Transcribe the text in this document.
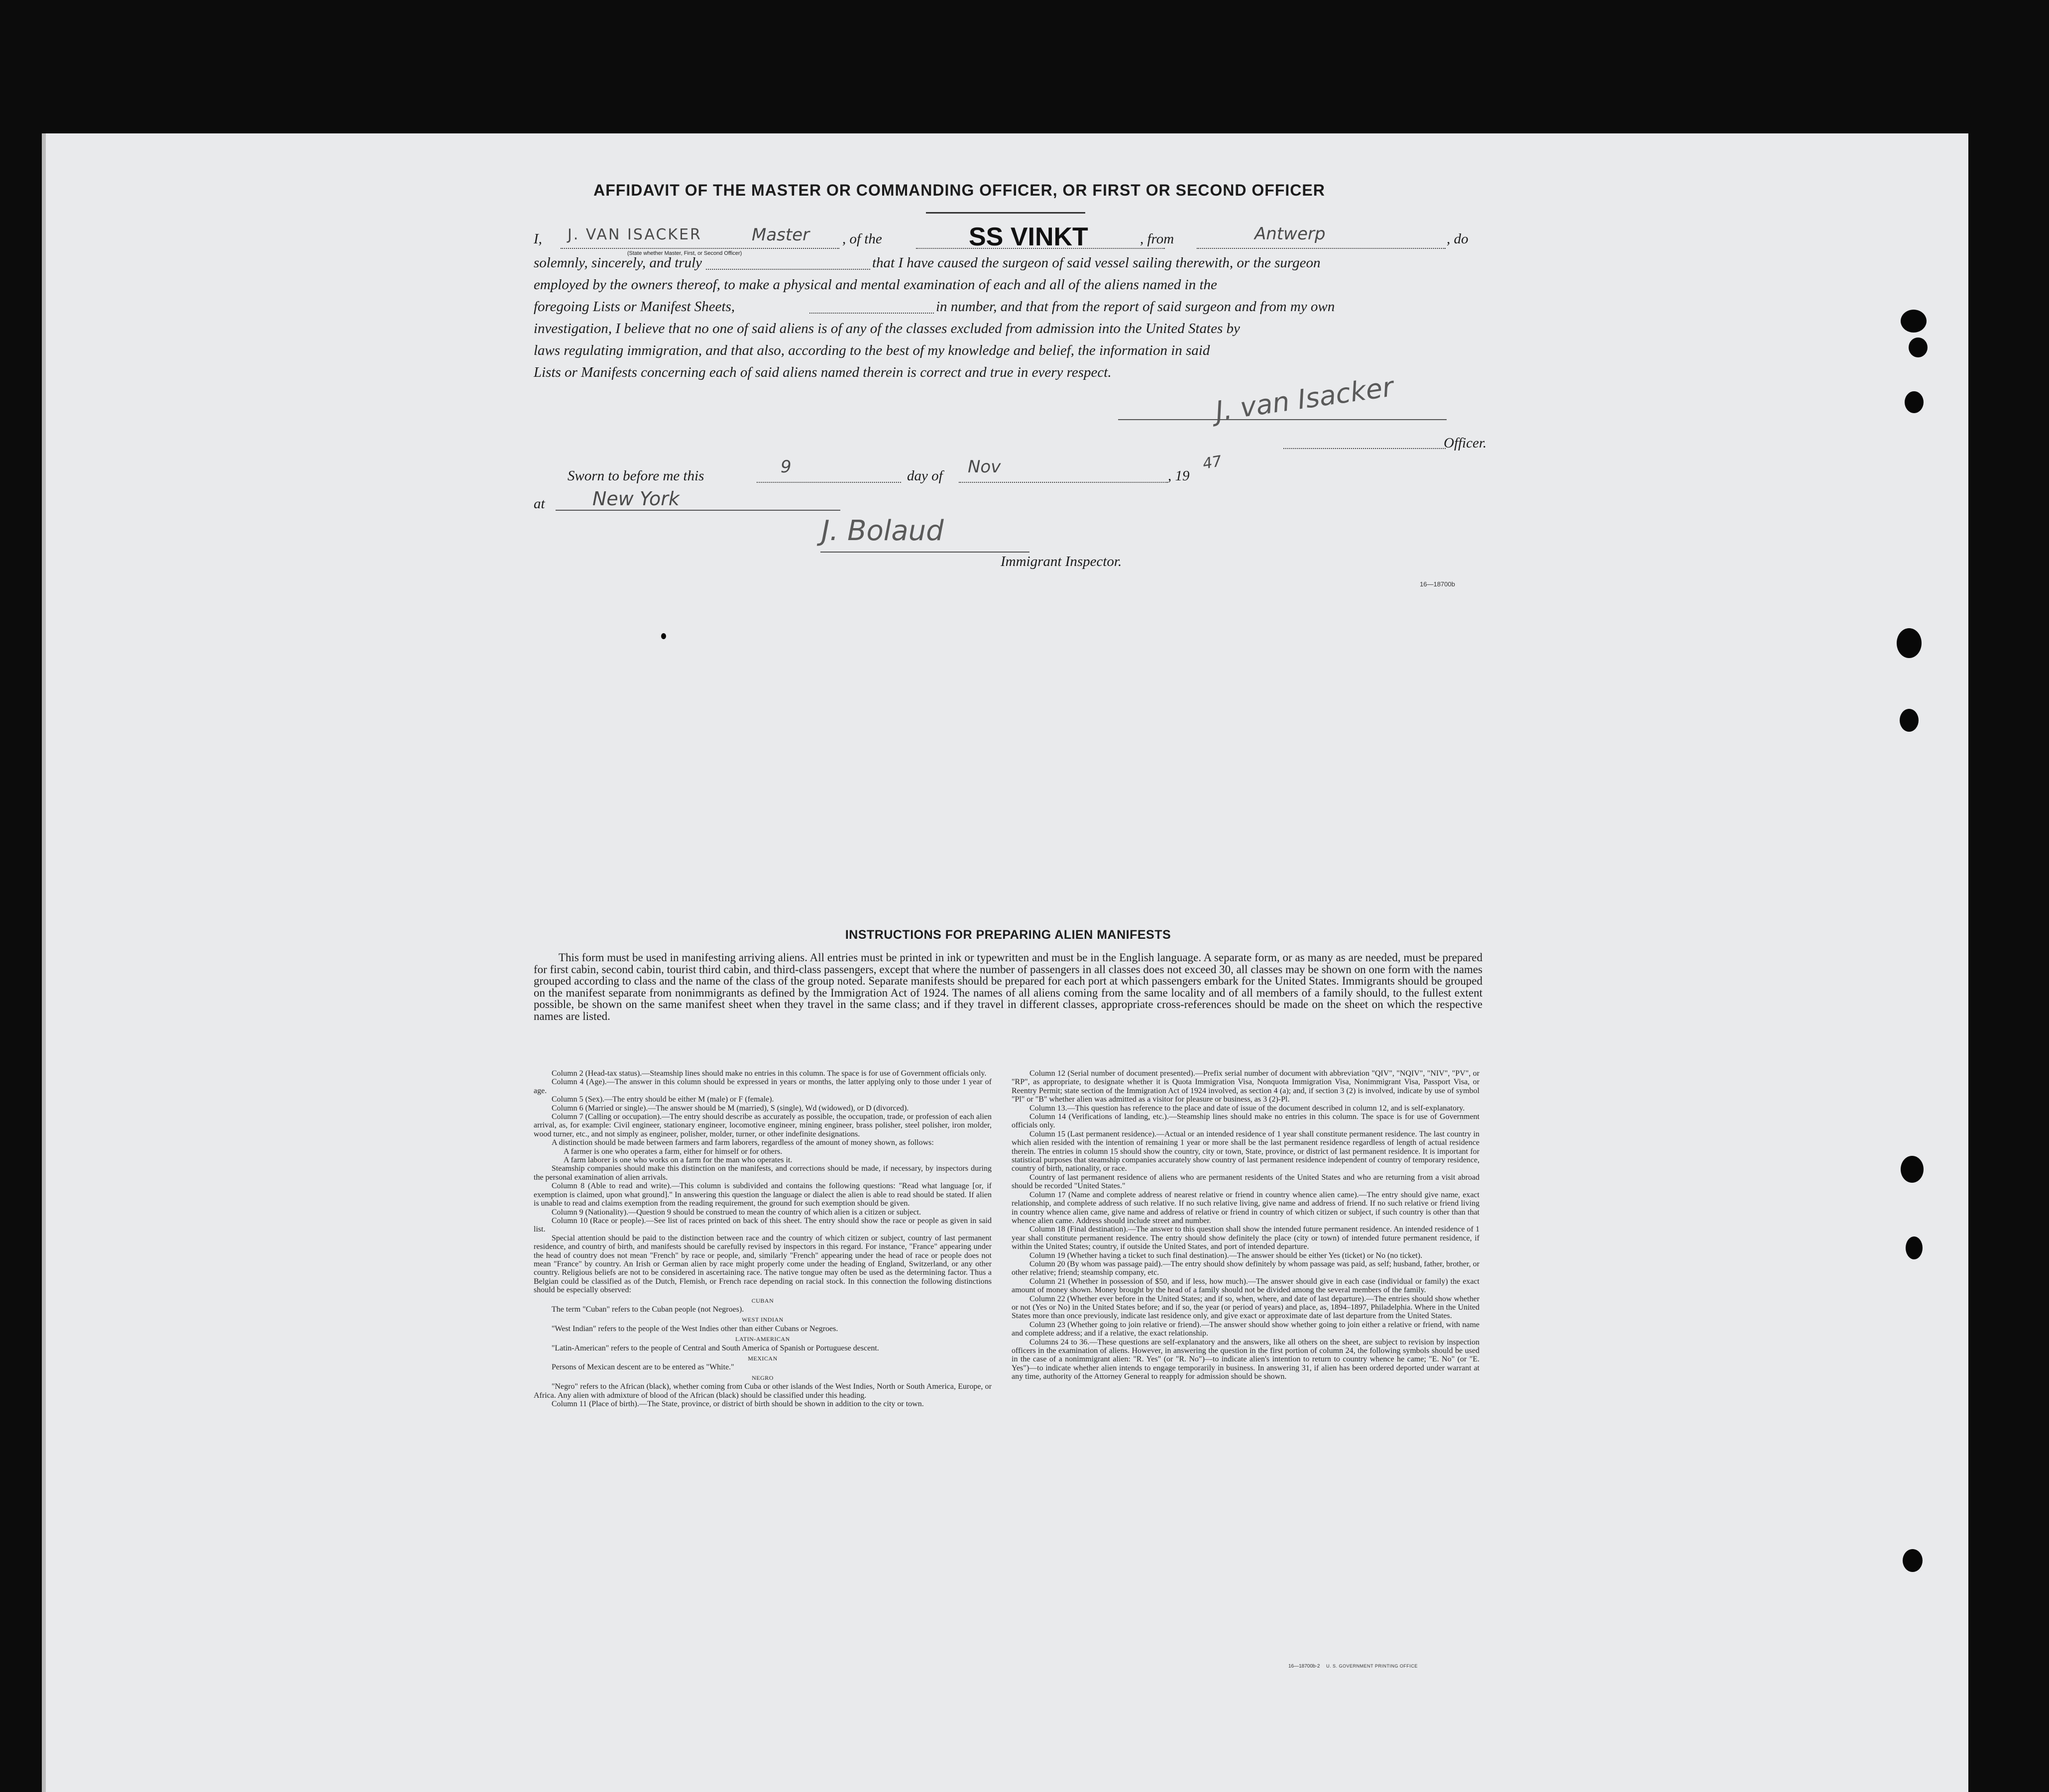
AFFIDAVIT OF THE MASTER OR COMMANDING OFFICER, OR FIRST OR SECOND OFFICER
I, J. VAN ISACKER	Master
(State whether Master, First, or Second Officer)
, of the	SS VINKT	, from	Antwerp	, do
solemnly, sincerely, and truly	that I have caused the surgeon of said vessel sailing therewith, or the surgeon
employed by the owners thereof, to make a physical and mental examination of each and all of the aliens named in the
foregoing Lists or Manifest Sheets,	in number, and that from the report of said surgeon and from my own
investigation, I believe that no one of said aliens is of any of the classes excluded from admission into the United States by
laws regulating immigration, and that also, according to the best of my knowledge and belief, the information in said
Lists or Manifests concerning each of said aliens named therein is correct and true in every respect.	J. van Isacker
Officer.
Sworn to before me this	9	day of Nov	, 19
47
at	New York
J. Bolaud
Immigrant Inspector.
16—18700b
INSTRUCTIONS FOR PREPARING ALIEN MANIFESTS

This form must be used in manifesting arriving aliens. All entries must be printed in ink or typewritten and must be in the English language. A separate form, or as many as are needed, must be prepared for first cabin, second cabin, tourist third cabin, and third-class passengers, except that where the number of passengers in all classes does not exceed 30, all classes may be shown on one form with the names grouped according to class and the name of the class of the group noted. Separate manifests should be prepared for each port at which passengers embark for the United States. Immigrants should be grouped on the manifest separate from nonimmigrants as defined by the Immigration Act of 1924. The names of all aliens coming from the same locality and of all members of a family should, to the fullest extent possible, be shown on the same manifest sheet when they travel in the same class; and if they travel in different classes, appropriate cross-references should be made on the sheet on which the respective names are listed.

Column 2 (Head-tax status).—Steamship lines should make no entries in this column. The space is for use of Government officials only.

Column 4 (Age).—The answer in this column should be expressed in years or months, the latter applying only to those under 1 year of age.

Column 5 (Sex).—The entry should be either M (male) or F (female).

Column 6 (Married or single).—The answer should be M (married), S (single), Wd (widowed), or D (divorced).

Column 7 (Calling or occupation).—The entry should describe as accurately as possible, the occupation, trade, or profession of each alien arrival, as, for example: Civil engineer, stationary engineer, locomotive engineer, mining engineer, brass polisher, steel polisher, iron molder, wood turner, etc., and not simply as engineer, polisher, molder, turner, or other indefinite designations.

A distinction should be made between farmers and farm laborers, regardless of the amount of money shown, as follows:

A farmer is one who operates a farm, either for himself or for others.

A farm laborer is one who works on a farm for the man who operates it.

Steamship companies should make this distinction on the manifests, and corrections should be made, if necessary, by inspectors during the personal examination of alien arrivals.

Column 8 (Able to read and write).—This column is subdivided and contains the following questions: "Read what language [or, if exemption is claimed, upon what ground]." In answering this question the language or dialect the alien is able to read should be stated. If alien is unable to read and claims exemption from the reading requirement, the ground for such exemption should be given.

Column 9 (Nationality).—Question 9 should be construed to mean the country of which alien is a citizen or subject.

Column 10 (Race or people).—See list of races printed on back of this sheet. The entry should show the race or people as given in said list.

Special attention should be paid to the distinction between race and the country of which citizen or subject, country of last permanent residence, and country of birth, and manifests should be carefully revised by inspectors in this regard. For instance, "France" appearing under the head of country does not mean "French" by race or people, and, similarly "French" appearing under the head of race or people does not mean "France" by country. An Irish or German alien by race might properly come under the heading of England, Switzerland, or any other country. Religious beliefs are not to be considered in ascertaining race. The native tongue may often be used as the determining factor. Thus a Belgian could be classified as of the Dutch, Flemish, or French race depending on racial stock. In this connection the following distinctions should be especially observed:

CUBAN

The term "Cuban" refers to the Cuban people (not Negroes).

WEST INDIAN

"West Indian" refers to the people of the West Indies other than either Cubans or Negroes.

LATIN-AMERICAN

"Latin-American" refers to the people of Central and South America of Spanish or Portuguese descent.

MEXICAN

Persons of Mexican descent are to be entered as "White."

NEGRO

"Negro" refers to the African (black), whether coming from Cuba or other islands of the West Indies, North or South America, Europe, or Africa. Any alien with admixture of blood of the African (black) should be classified under this heading.

Column 11 (Place of birth).—The State, province, or district of birth should be shown in addition to the city or town.

Column 12 (Serial number of document presented).—Prefix serial number of document with abbreviation "QIV", "NQIV", "NIV", "PV", or "RP", as appropriate, to designate whether it is Quota Immigration Visa, Nonquota Immigration Visa, Nonimmigrant Visa, Passport Visa, or Reentry Permit; state section of the Immigration Act of 1924 involved, as section 4 (a); and, if section 3 (2) is involved, indicate by use of symbol "Pl" or "B" whether alien was admitted as a visitor for pleasure or business, as 3 (2)-Pl.

Column 13.—This question has reference to the place and date of issue of the document described in column 12, and is self-explanatory.

Column 14 (Verifications of landing, etc.).—Steamship lines should make no entries in this column. The space is for use of Government officials only.

Column 15 (Last permanent residence).—Actual or an intended residence of 1 year shall constitute permanent residence. The last country in which alien resided with the intention of remaining 1 year or more shall be the last permanent residence regardless of length of actual residence therein. The entries in column 15 should show the country, city or town, State, province, or district of last permanent residence. It is important for statistical purposes that steamship companies accurately show country of last permanent residence independent of country of temporary residence, country of birth, nationality, or race.

Country of last permanent residence of aliens who are permanent residents of the United States and who are returning from a visit abroad should be recorded "United States."

Column 17 (Name and complete address of nearest relative or friend in country whence alien came).—The entry should give name, exact relationship, and complete address of such relative. If no such relative living, give name and address of friend. If no such relative or friend living in country whence alien came, give name and address of relative or friend in country of which citizen or subject, if such country is other than that whence alien came. Address should include street and number.

Column 18 (Final destination).—The answer to this question shall show the intended future permanent residence. An intended residence of 1 year shall constitute permanent residence. The entry should show definitely the place (city or town) of intended future permanent residence, if within the United States; country, if outside the United States, and port of intended departure.

Column 19 (Whether having a ticket to such final destination).—The answer should be either Yes (ticket) or No (no ticket).

Column 20 (By whom was passage paid).—The entry should show definitely by whom passage was paid, as self; husband, father, brother, or other relative; friend; steamship company, etc.

Column 21 (Whether in possession of $50, and if less, how much).—The answer should give in each case (individual or family) the exact amount of money shown. Money brought by the head of a family should not be divided among the several members of the family.

Column 22 (Whether ever before in the United States; and if so, when, where, and date of last departure).—The entries should show whether or not (Yes or No) in the United States before; and if so, the year (or period of years) and place, as, 1894–1897, Philadelphia. Where in the United States more than once previously, indicate last residence only, and give exact or approximate date of last departure from the United States.

Column 23 (Whether going to join relative or friend).—The answer should show whether going to join either a relative or friend, with name and complete address; and if a relative, the exact relationship.

Columns 24 to 36.—These questions are self-explanatory and the answers, like all others on the sheet, are subject to revision by inspection officers in the examination of aliens. However, in answering the question in the first portion of column 24, the following symbols should be used in the case of a nonimmigrant alien: "R. Yes" (or "R. No")—to indicate alien's intention to return to country whence he came; "E. No" (or "E. Yes")—to indicate whether alien intends to engage temporarily in business. In answering 31, if alien has been ordered deported under warrant at any time, authority of the Attorney General to reapply for admission should be shown.

16—18700b-2 U. S. GOVERNMENT PRINTING OFFICE
